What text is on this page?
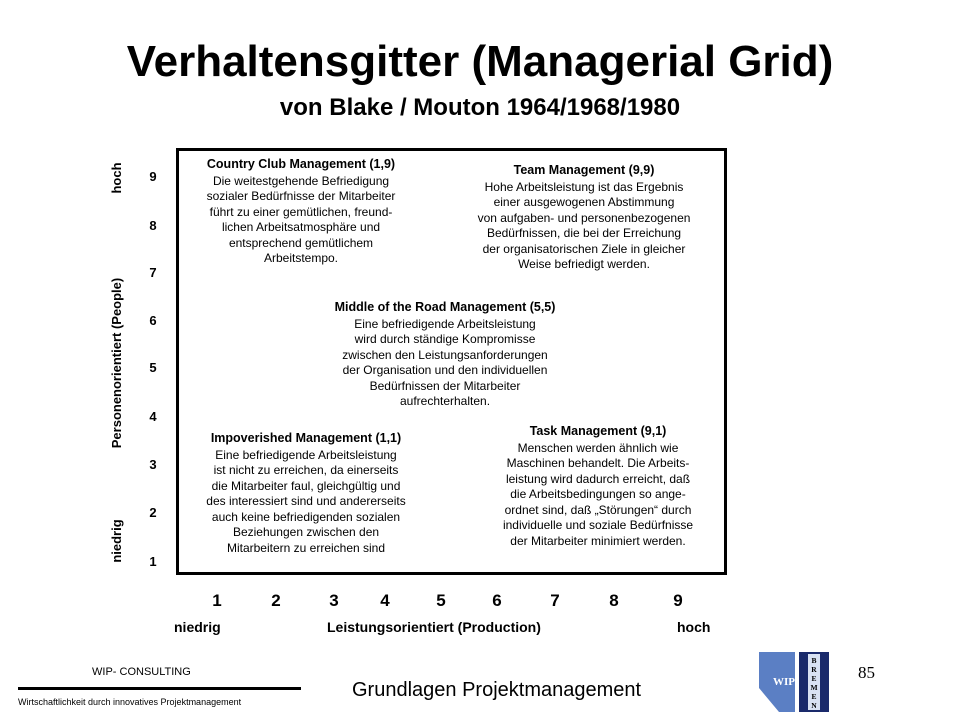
Verhaltensgitter (Managerial Grid)
von Blake / Mouton 1964/1968/1980
hoch
Personenorientiert (People)
niedrig
9
8
7
6
5
4
3
2
1
Country Club Management (1,9)
Die weitestgehende Befriedigung
sozialer Bedürfnisse der Mitarbeiter
führt zu einer gemütlichen, freund-
lichen Arbeitsatmosphäre und
entsprechend gemütlichem
Arbeitstempo.
Team Management (9,9)
Hohe Arbeitsleistung ist das Ergebnis
einer ausgewogenen Abstimmung
von aufgaben- und personenbezogenen
Bedürfnissen, die bei der Erreichung
der organisatorischen Ziele in gleicher
Weise befriedigt werden.
Middle of the Road Management (5,5)
Eine befriedigende Arbeitsleistung
wird durch ständige Kompromisse
zwischen den Leistungsanforderungen
der Organisation und den individuellen
Bedürfnissen der Mitarbeiter
aufrechterhalten.
Impoverished Management (1,1)
Eine befriedigende Arbeitsleistung
ist nicht zu erreichen, da einerseits
die Mitarbeiter faul, gleichgültig und
des interessiert sind und andererseits
auch keine befriedigenden sozialen
Beziehungen zwischen den
Mitarbeitern zu erreichen sind
Task Management (9,1)
Menschen werden ähnlich wie
Maschinen behandelt. Die Arbeits-
leistung wird dadurch erreicht, daß
die Arbeitsbedingungen so ange-
ordnet sind, daß „Störungen“ durch
individuelle und soziale Bedürfnisse
der Mitarbeiter minimiert werden.
1	2	3	4	5	6	7	8	9
niedrig	Leistungsorientiert (Production)	hoch
WIP- CONSULTING
Wirtschaftlichkeit durch innovatives Projektmanagement
Grundlagen Projektmanagement
85
WIP
B
R
E
M
E
N
